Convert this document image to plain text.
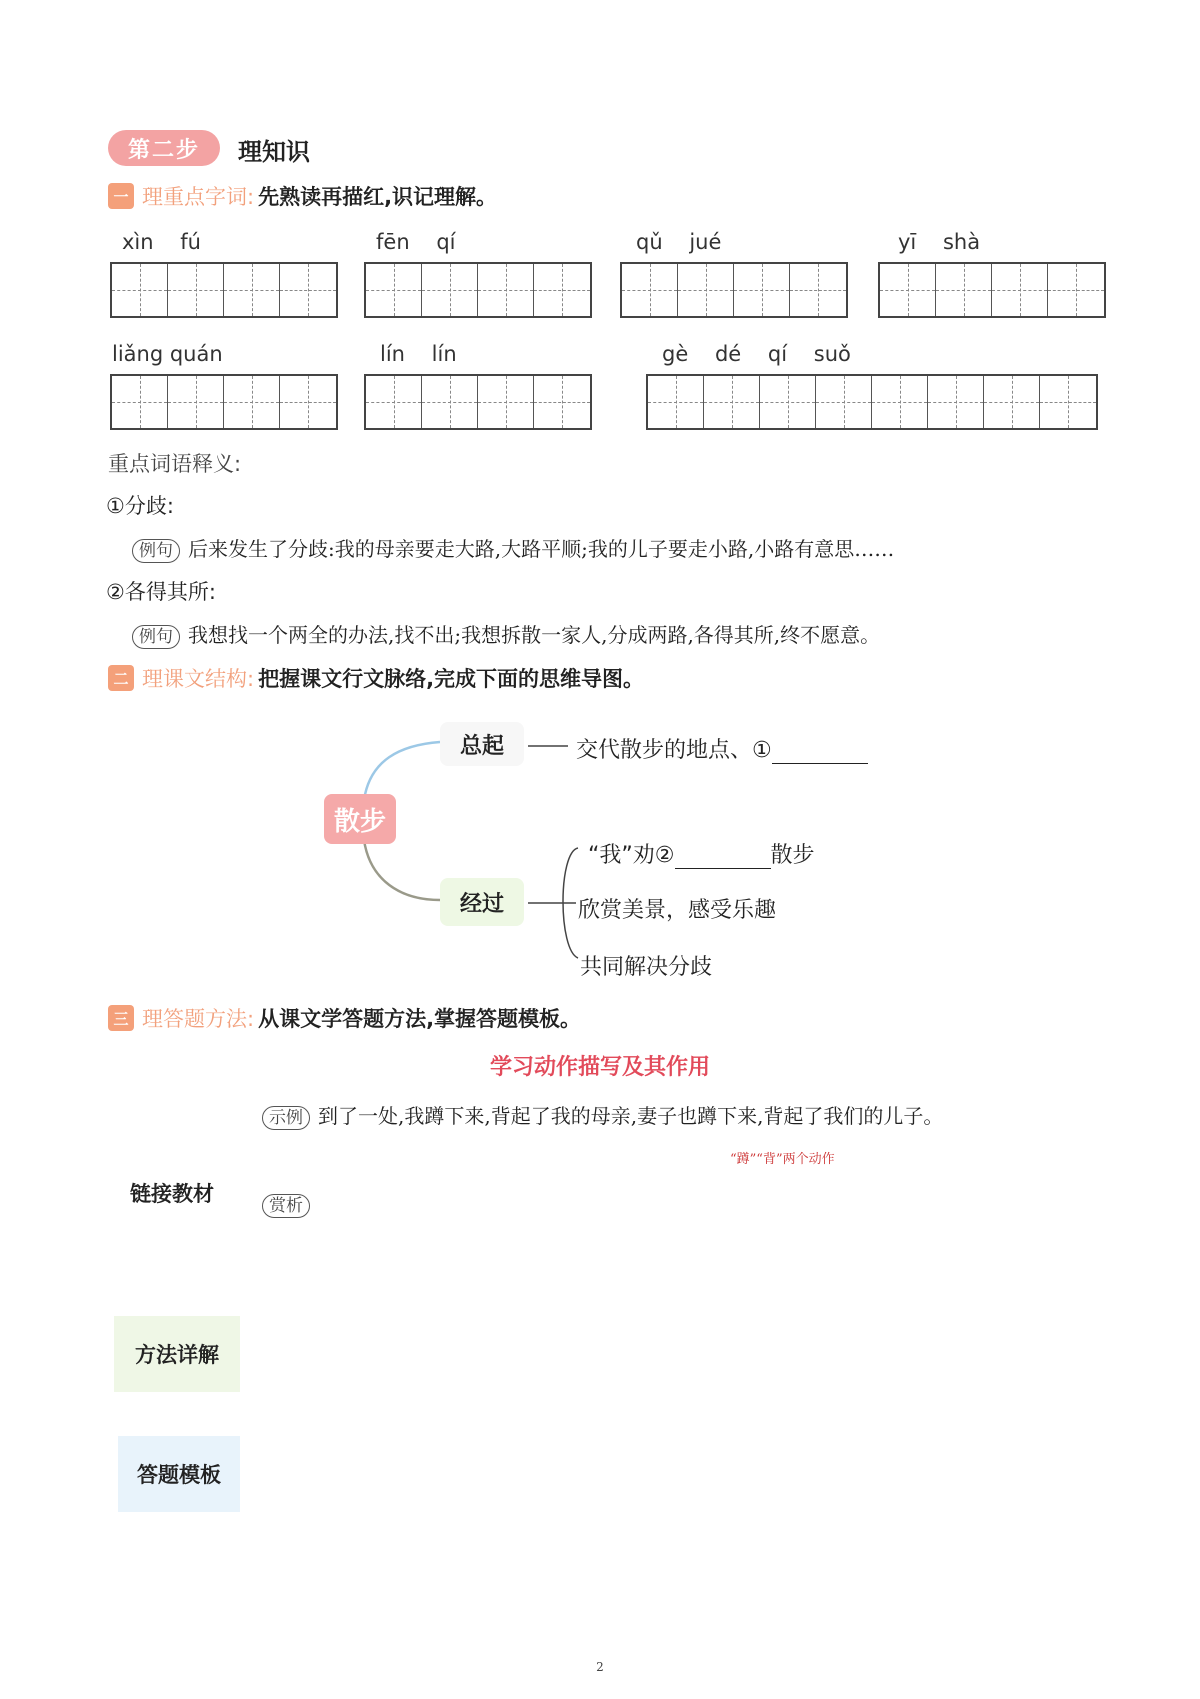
第二步	理知识
一 理重点字词: 先熟读再描红,识记理解。
xìn    fú	fēn    qí	qǔ    jué	yī    shà
liǎng quán	lín    lín	gè    dé    qí    suǒ
重点词语释义:
①分歧:
例句 后来发生了分歧:我的母亲要走大路,大路平顺;我的儿子要走小路,小路有意思……
②各得其所:
例句 我想找一个两全的办法,找不出;我想拆散一家人,分成两路,各得其所,终不愿意。
二 理课文结构: 把握课文行文脉络,完成下面的思维导图。
散步
总起	交代散步的地点、①
经过
“我”劝②	散步
欣赏美景，感受乐趣
共同解决分歧
三 理答题方法: 从课文学答题方法,掌握答题模板。
学习动作描写及其作用
示例 到了一处,我蹲下来,背起了我的母亲,妻子也蹲下来,背起了我们的儿子。
“蹲”“背”两个动作
链接教材	赏析
方法详解
答题模板
2
